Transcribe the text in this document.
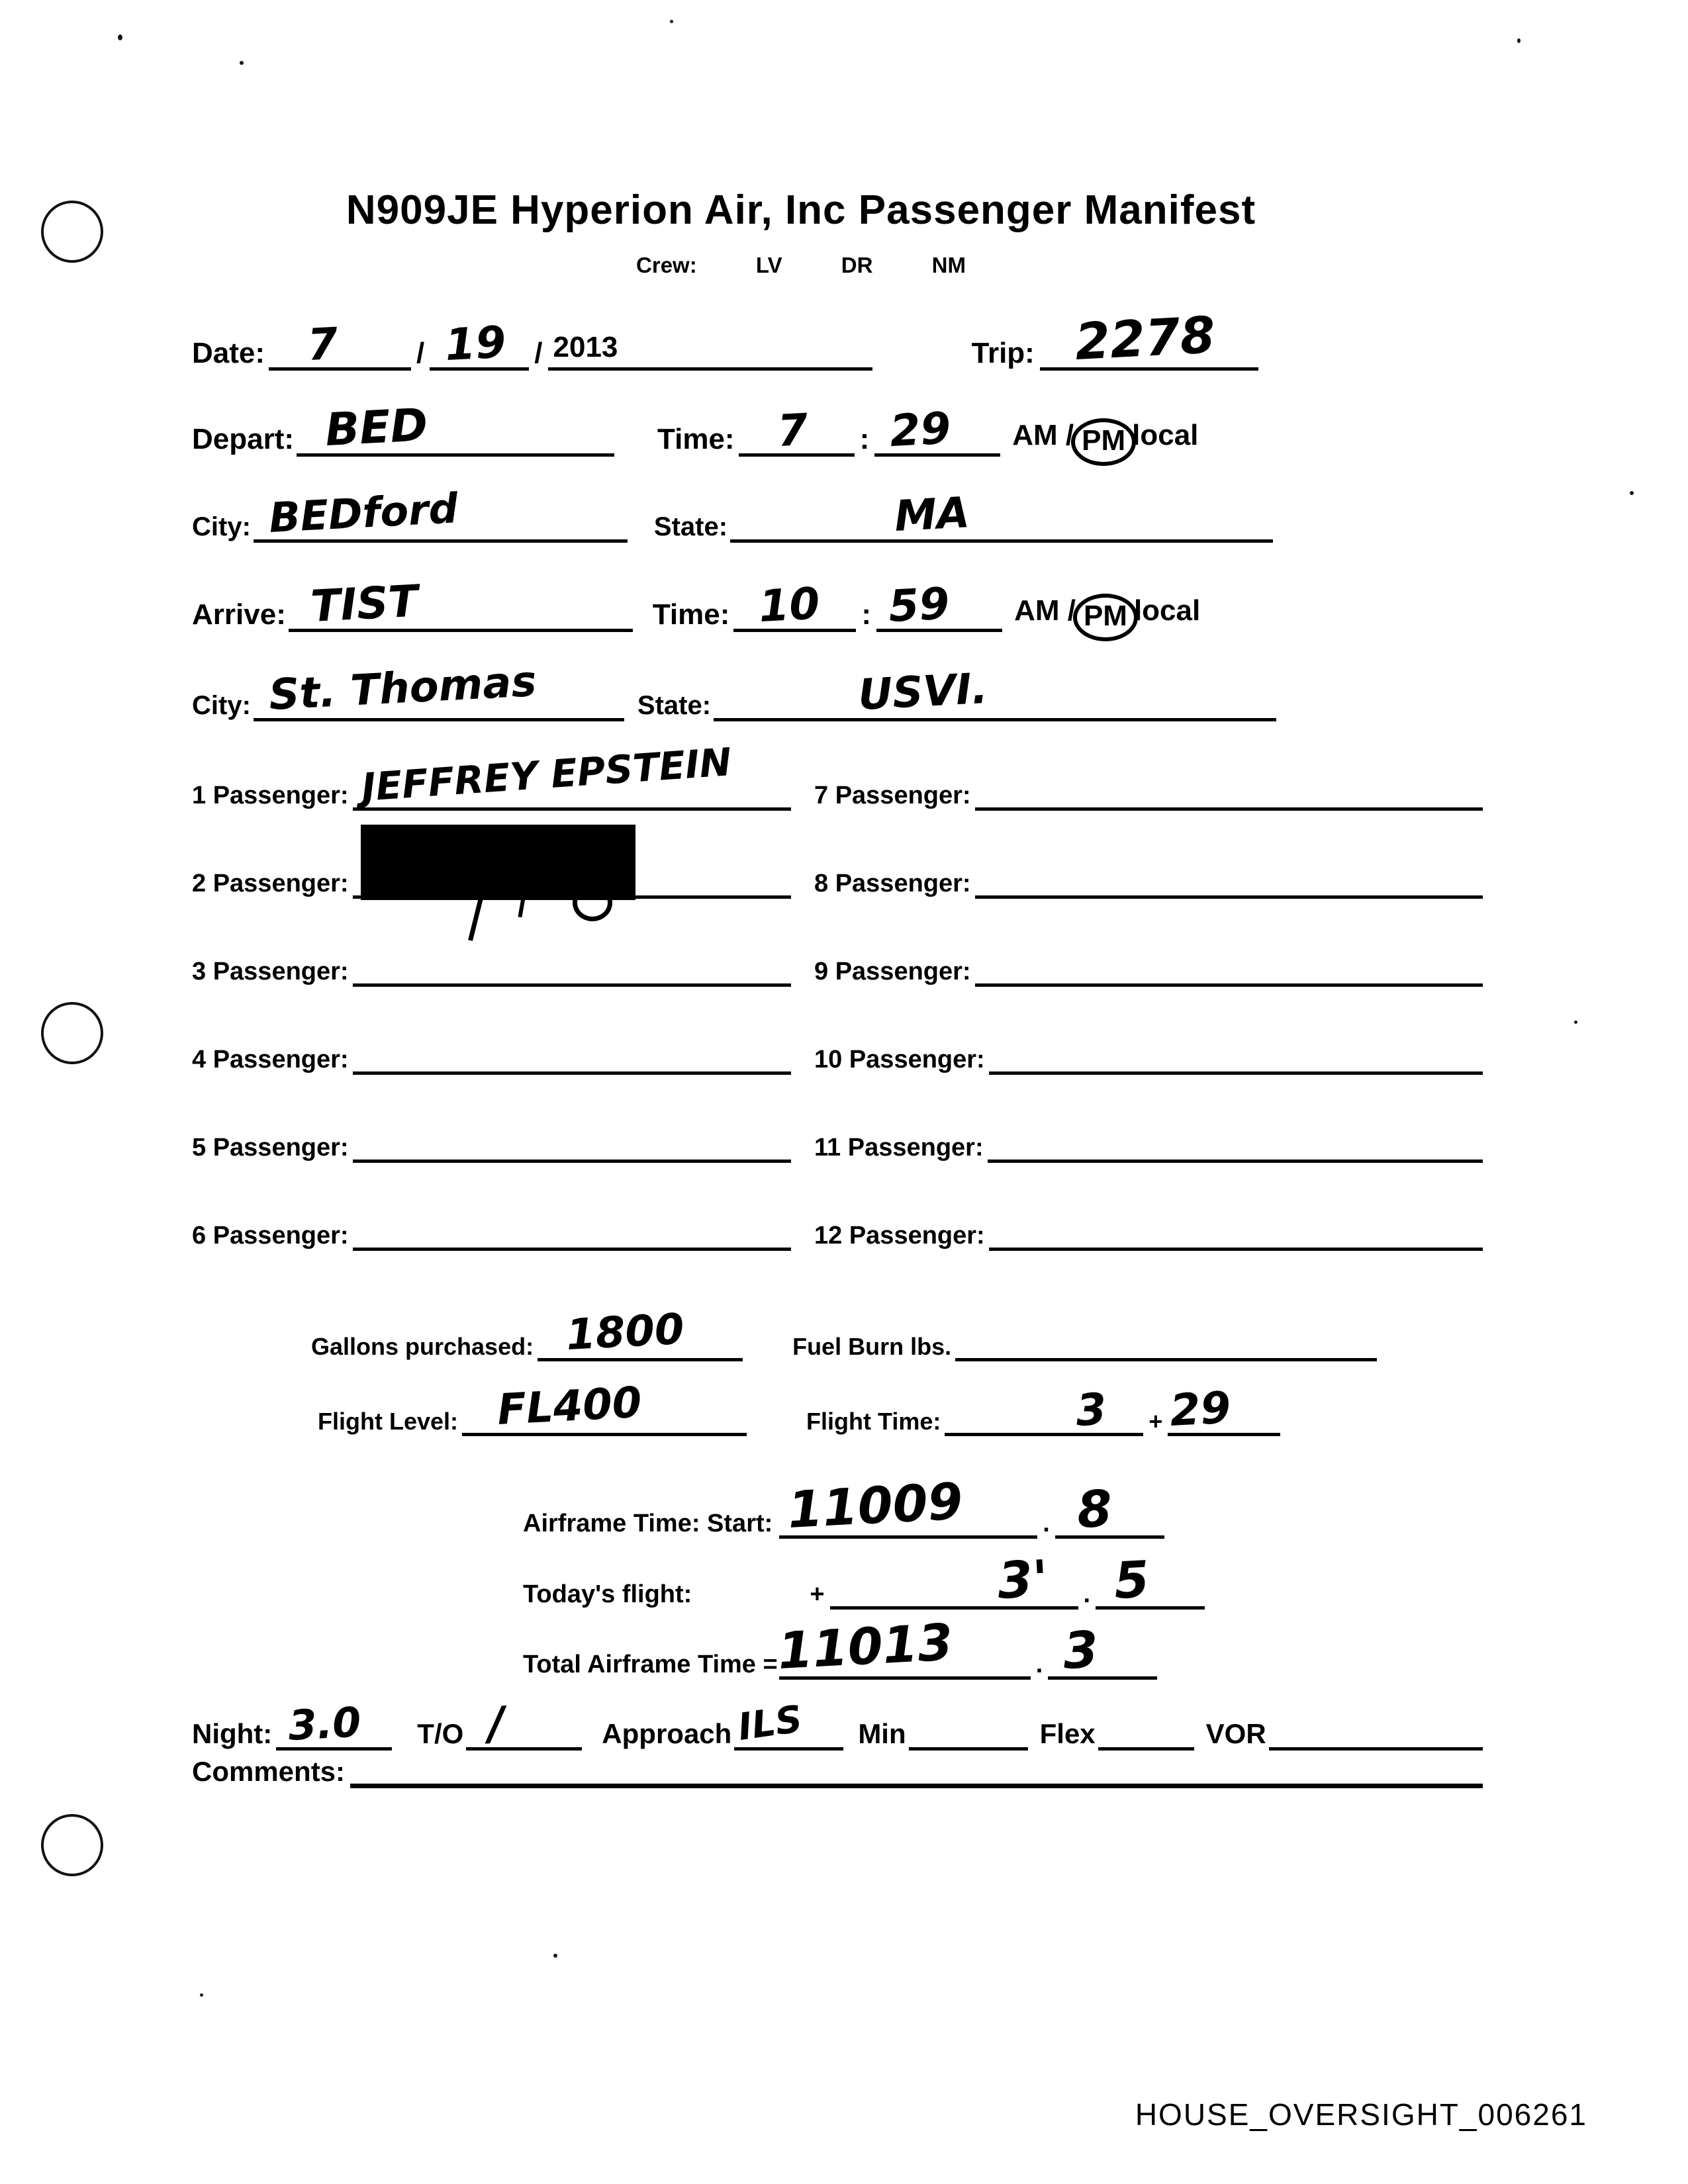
N909JE Hyperion Air, Inc Passenger Manifest
Crew:	LV	DR	NM
Date: 7	/ 19 / 2013	Trip: 2278
Depart: BED	Time: 7 : 29 AM / PM local
City: BEDford	State:	MA
Arrive: TIST	Time: 10 : 59 AM / PM local
City: St. Thomas	State:	USVI.
1 Passenger: JEFFREY EPSTEIN	7 Passenger:
2 Passenger:	8 Passenger:
3 Passenger:	9 Passenger:
4 Passenger:	10 Passenger:
5 Passenger:	11 Passenger:
6 Passenger:	12 Passenger:
Gallons purchased: 1800	Fuel Burn lbs.
Flight Level: FL400	Flight Time:	3 + 29
Airframe Time: Start: 11009	. 8
Today's flight:	+	3' . 5
Total Airframe Time =
11013	. 3
Night: 3.0 T/O /	Approach ILS Min	Flex	VOR
Comments:
HOUSE_OVERSIGHT_006261
